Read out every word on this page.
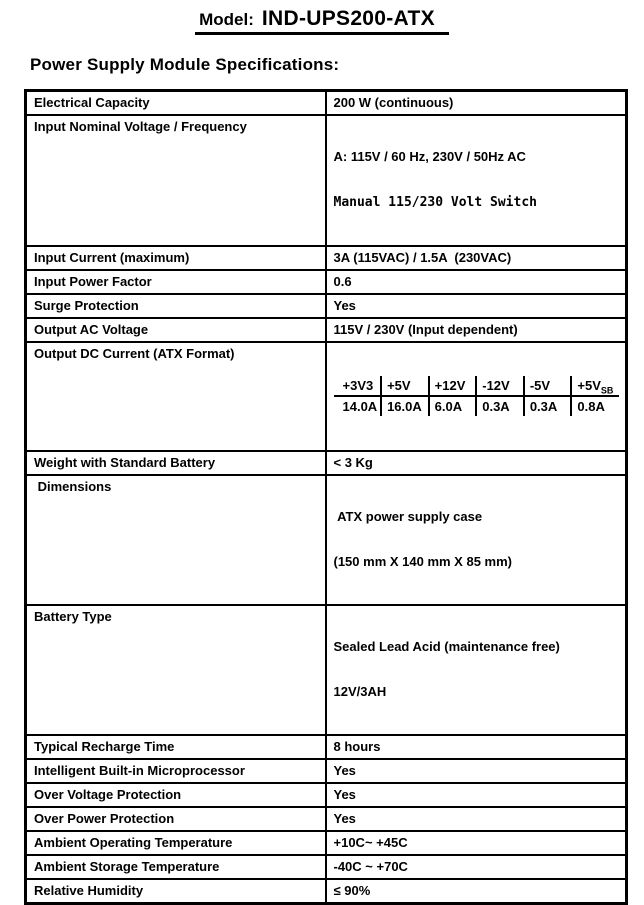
Model: IND-UPS200-ATX
Power Supply Module Specifications:
Electrical Capacity	200 W (continuous)
Input Nominal Voltage / Frequency	

A: 115V / 60 Hz, 230V / 50Hz AC

Manual 115/230 Volt Switch

Input Current (maximum)	3A (115VAC) / 1.5A  (230VAC)
Input Power Factor	0.6
Surge Protection	Yes
Output AC Voltage	115V / 230V (Input dependent)
Output DC Current (ATX Format)	

+3V3	+5V	+12V	-12V	-5V	$+5V_{SB}$
14.0A	16.0A	6.0A	0.3A	0.3A	0.8A

Weight with Standard Battery	< 3 Kg
Dimensions	

ATX power supply case

(150 mm X 140 mm X 85 mm)

Battery Type	

Sealed Lead Acid (maintenance free)

12V/3AH

Typical Recharge Time	8 hours
Intelligent Built-in Microprocessor	Yes
Over Voltage Protection	Yes
Over Power Protection	Yes
Ambient Operating Temperature	+10C~ +45C
Ambient Storage Temperature	-40C ~ +70C
Relative Humidity	≤ 90%
